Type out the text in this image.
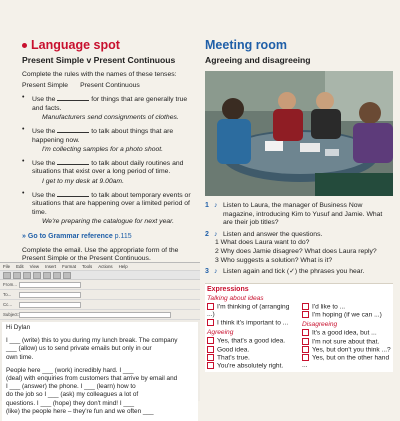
Language spot
Present Simple v Present Continuous

Complete the rules with the names of these tenses:

Present Simple Present Continuous

•	Use the	for things that are generally true and facts.

Manufacturers send consignments of clothes.

•	Use the	to talk about things that are happening now.

I'm collecting samples for a photo shoot.

•	Use the	to talk about daily routines and situations that exist over a long period of time.

I get to my desk at 9.00am.

•	Use the	to talk about temporary events or situations that are happening over a limited period of time.

We're preparing the catalogue for next year.

» Go to Grammar reference p.115

Complete the email. Use the appropriate form of the Present Simple or the Present Continuous.

File Edit View Insert Format Tools Actions Help
From...
To...
Cc...
Subject:

Hi Dylan

I ___ (write) this to you during my lunch break. The company

___ (allow) us to send private emails but only in our

own time.

People here ___ (work) incredibly hard. I ___

(deal) with enquiries from customers that arrive by email and

I ___ (answer) the phone. I ___ (learn) how to

do the job so I ___ (ask) my colleagues a lot of

questions. I ___ (hope) they don't mind! I ___

(like) the people here – they're fun and we often ___

Meeting room
Agreeing and disagreeing
1 ♪ Listen to Laura, the manager of Business Now magazine, introducing Kim to Yusuf and Jamie. What are their job titles?

2 ♪ Listen and answer the questions.

1 What does Laura want to do?

2 Why does Jamie disagree? What does Laura reply?

3 Who suggests a solution? What is it?

3 ♪ Listen again and tick (✓) the phrases you hear.

Expressions
Talking about ideas
I'm thinking of (arranging ...)
I think it's important to ...
Agreeing
Yes, that's a good idea.
Good idea.
That's true.
You're absolutely right.
I'd like to ...
I'm hoping (if we can ...)
Disagreeing
It's a good idea, but ...
I'm not sure about that.
Yes, but don't you think ...?
Yes, but on the other hand ...
